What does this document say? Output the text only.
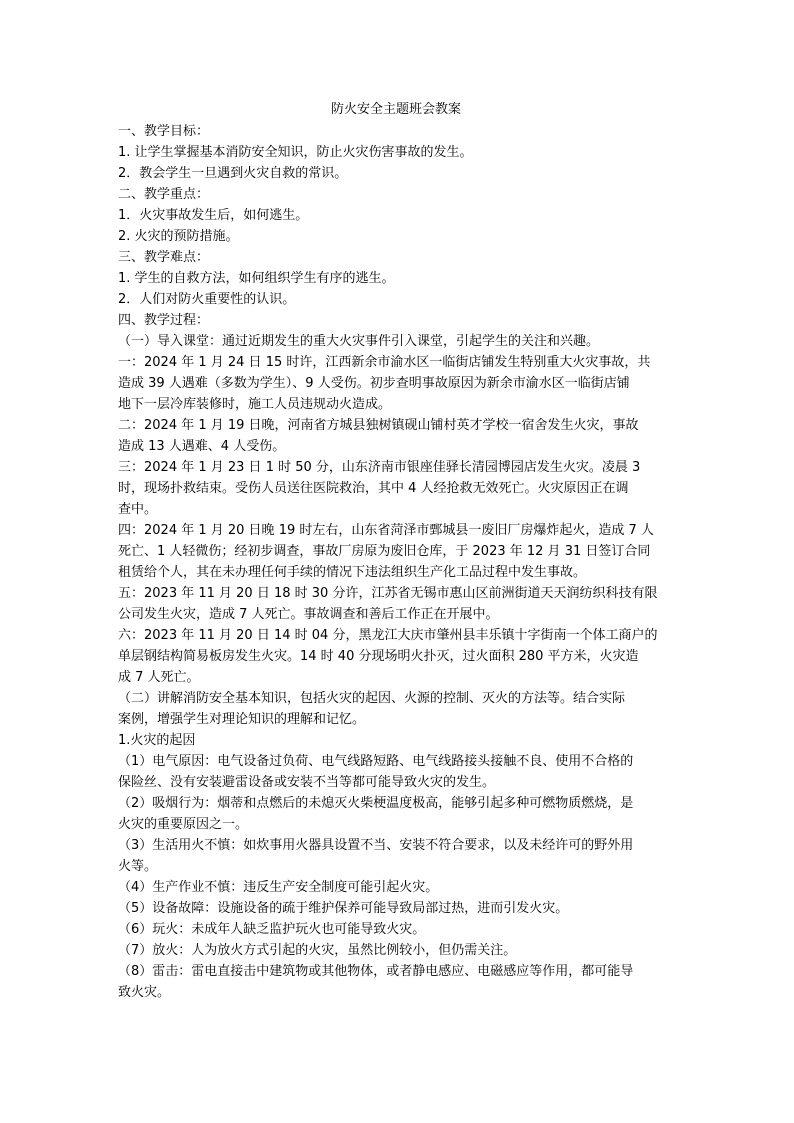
防火安全主题班会教案
一、教学目标：
1. 让学生掌握基本消防安全知识，防止火灾伤害事故的发生。
2．教会学生一旦遇到火灾自救的常识。
二、教学重点：
1．火灾事故发生后，如何逃生。
2. 火灾的预防措施。
三、教学难点：
1. 学生的自救方法，如何组织学生有序的逃生。
2．人们对防火重要性的认识。
四、教学过程：
（一）导入课堂：通过近期发生的重大火灾事件引入课堂，引起学生的关注和兴趣。
一：2024 年 1 月 24 日 15 时许，江西新余市渝水区一临街店铺发生特别重大火灾事故，共
造成 39 人遇难（多数为学生）、9 人受伤。初步查明事故原因为新余市渝水区一临街店铺
地下一层冷库装修时，施工人员违规动火造成。
二：2024 年 1 月 19 日晚，河南省方城县独树镇砚山铺村英才学校一宿舍发生火灾，事故
造成 13 人遇难、4 人受伤。
三：2024 年 1 月 23 日 1 时 50 分，山东济南市银座佳驿长清园博园店发生火灾。凌晨 3
时，现场扑救结束。受伤人员送往医院救治，其中 4 人经抢救无效死亡。火灾原因正在调
查中。
四：2024 年 1 月 20 日晚 19 时左右，山东省菏泽市鄄城县一废旧厂房爆炸起火，造成 7 人
死亡、1 人轻微伤；经初步调查，事故厂房原为废旧仓库，于 2023 年 12 月 31 日签订合同
租赁给个人，其在未办理任何手续的情况下违法组织生产化工品过程中发生事故。
五：2023 年 11 月 20 日 18 时 30 分许，江苏省无锡市惠山区前洲街道天天润纺织科技有限
公司发生火灾，造成 7 人死亡。事故调查和善后工作正在开展中。
六：2023 年 11 月 20 日 14 时 04 分，黑龙江大庆市肇州县丰乐镇十字街南一个体工商户的
单层钢结构简易板房发生火灾。14 时 40 分现场明火扑灭，过火面积 280 平方米，火灾造
成 7 人死亡。
（二）讲解消防安全基本知识，包括火灾的起因、火源的控制、灭火的方法等。结合实际
案例，增强学生对理论知识的理解和记忆。
1.火灾的起因
（1）电气原因：电气设备过负荷、电气线路短路、电气线路接头接触不良、使用不合格的
保险丝、没有安装避雷设备或安装不当等都可能导致火灾的发生。
（2）吸烟行为：烟蒂和点燃后的未熄灭火柴梗温度极高，能够引起多种可燃物质燃烧，是
火灾的重要原因之一。
（3）生活用火不慎：如炊事用火器具设置不当、安装不符合要求，以及未经许可的野外用
火等。
（4）生产作业不慎：违反生产安全制度可能引起火灾。
（5）设备故障：设施设备的疏于维护保养可能导致局部过热，进而引发火灾。
（6）玩火：未成年人缺乏监护玩火也可能导致火灾。
（7）放火：人为放火方式引起的火灾，虽然比例较小，但仍需关注。
（8）雷击：雷电直接击中建筑物或其他物体，或者静电感应、电磁感应等作用，都可能导
致火灾。
